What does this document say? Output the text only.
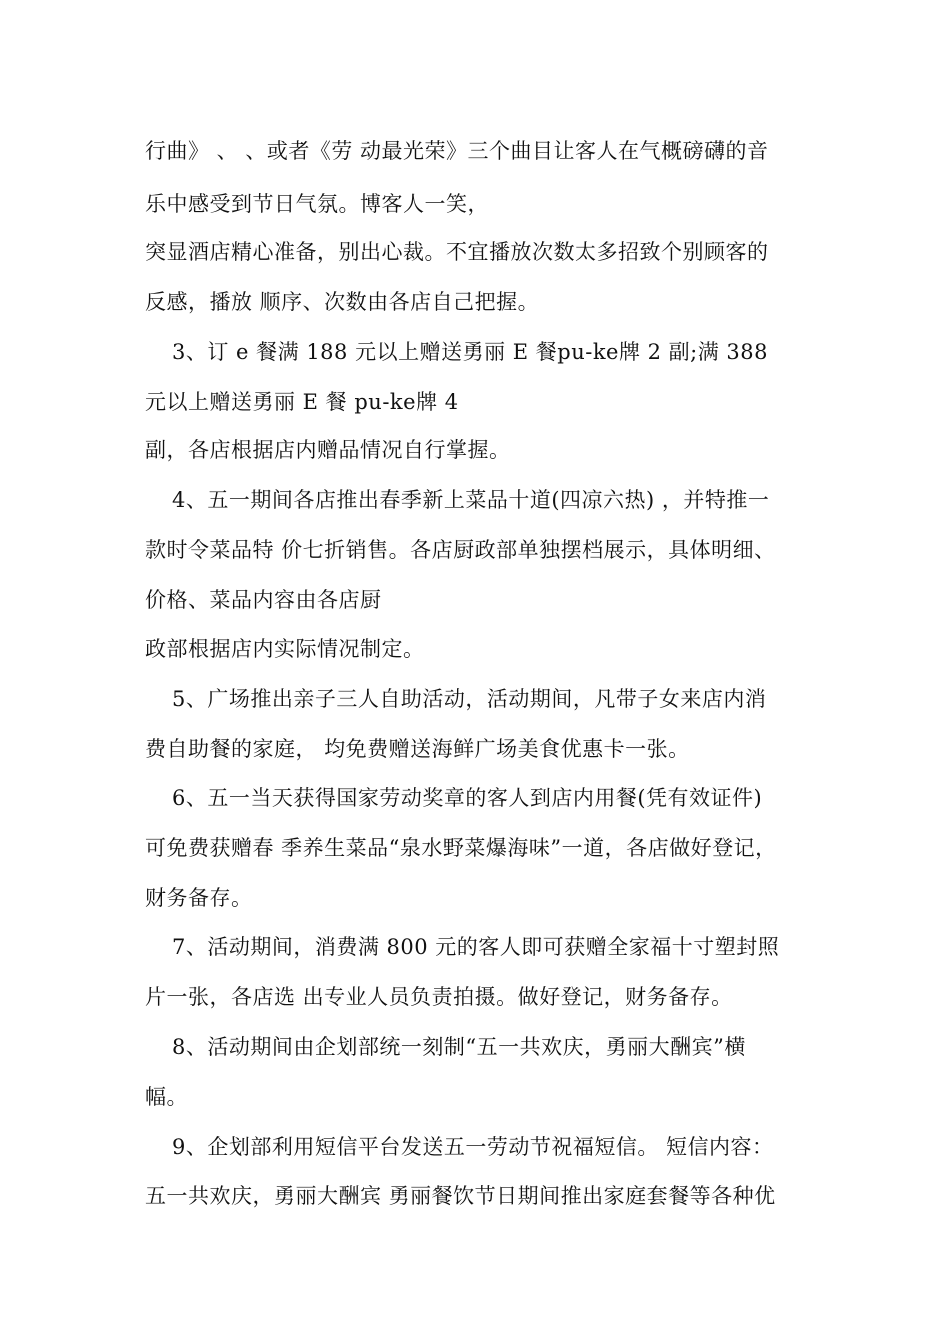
行曲》 、 、或者《劳 动最光荣》三个曲目让客人在气概磅礴的音
乐中感受到节日气氛。博客人一笑，
突显酒店精心准备，别出心裁。不宜播放次数太多招致个别顾客的
反感，播放 顺序、次数由各店自己把握。
3、订 e 餐满 188 元以上赠送勇丽 E 餐pu-ke牌 2 副;满 388
元以上赠送勇丽 E 餐 pu-ke牌 4
副，各店根据店内赠品情况自行掌握。
4、五一期间各店推出春季新上菜品十道(四凉六热) ，并特推一
款时令菜品特 价七折销售。各店厨政部单独摆档展示，具体明细、
价格、菜品内容由各店厨
政部根据店内实际情况制定。
5、广场推出亲子三人自助活动，活动期间，凡带子女来店内消
费自助餐的家庭， 均免费赠送海鲜广场美食优惠卡一张。
6、五一当天获得国家劳动奖章的客人到店内用餐(凭有效证件)
可免费获赠春 季养生菜品“泉水野菜爆海味”一道，各店做好登记，
财务备存。
7、活动期间，消费满 800 元的客人即可获赠全家福十寸塑封照
片一张，各店选 出专业人员负责拍摄。做好登记，财务备存。
8、活动期间由企划部统一刻制“五一共欢庆，勇丽大酬宾”横
幅。
9、企划部利用短信平台发送五一劳动节祝福短信。 短信内容：
五一共欢庆，勇丽大酬宾 勇丽餐饮节日期间推出家庭套餐等各种优
